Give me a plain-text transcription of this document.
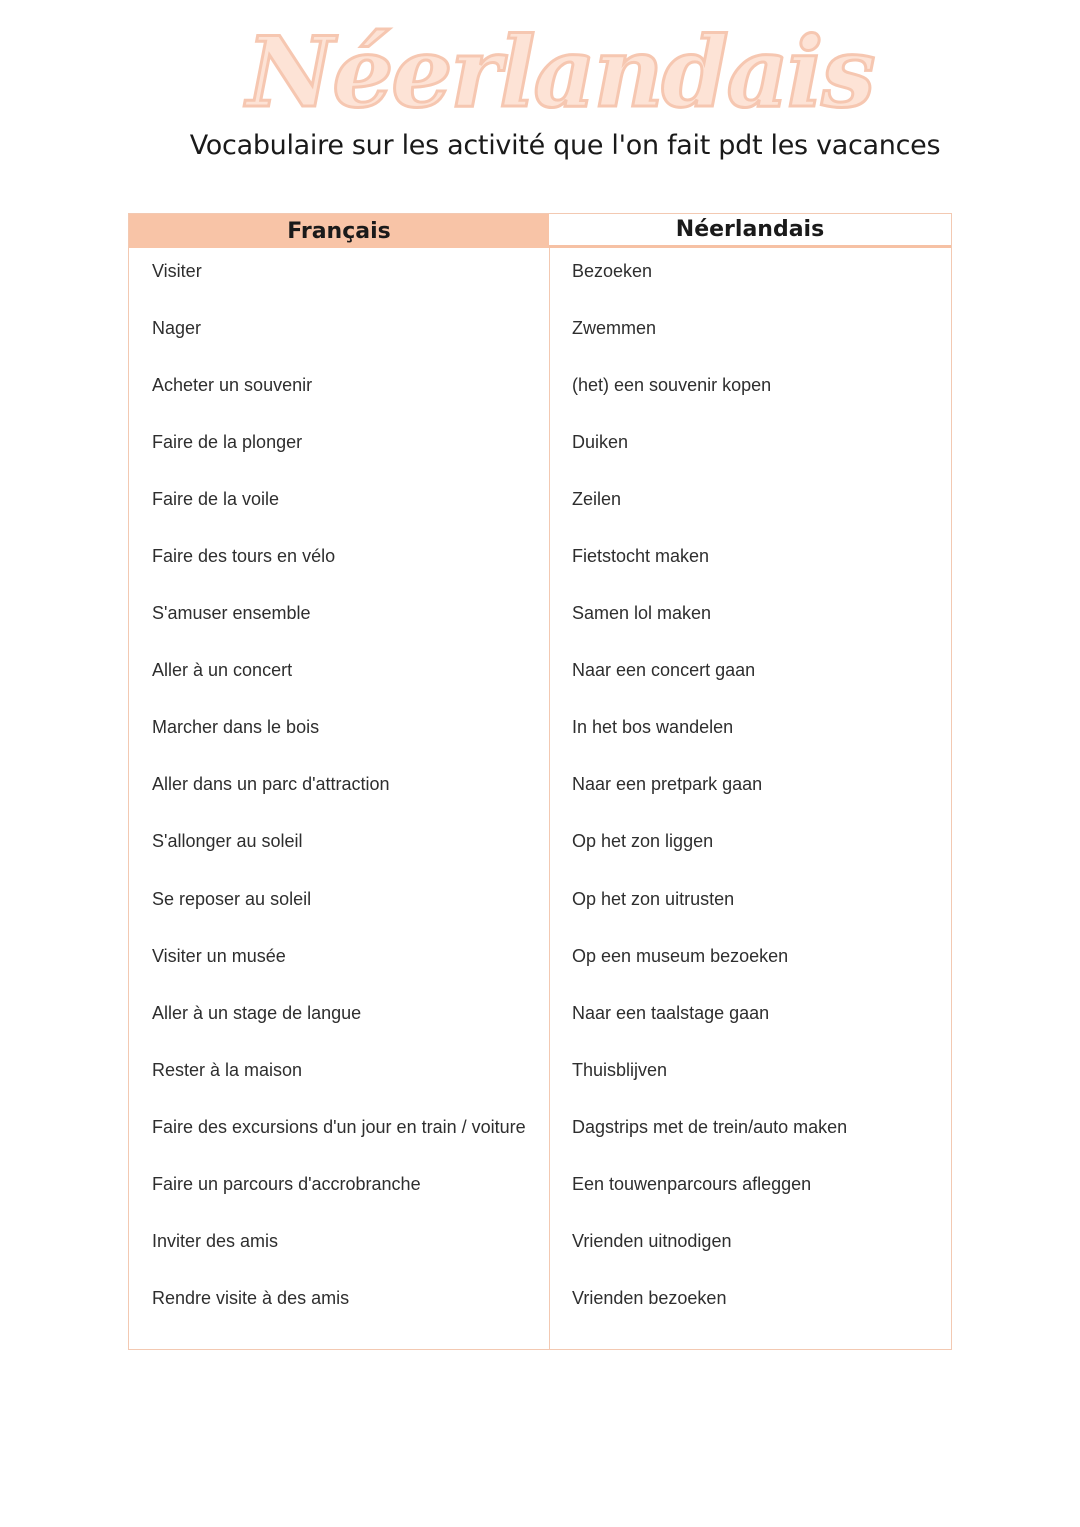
Néerlandais
Vocabulaire sur les activité que l'on fait pdt les vacances
Français	Néerlandais
Visiter	Bezoeken
Nager	Zwemmen
Acheter un souvenir	(het) een souvenir kopen
Faire de la plonger	Duiken
Faire de la voile	Zeilen
Faire des tours en vélo	Fietstocht maken
S'amuser ensemble	Samen lol maken
Aller à un concert	Naar een concert gaan
Marcher dans le bois	In het bos wandelen
Aller dans un parc d'attraction	Naar een pretpark gaan
S'allonger au soleil	Op het zon liggen
Se reposer au soleil	Op het zon uitrusten
Visiter un musée	Op een museum bezoeken
Aller à un stage de langue	Naar een taalstage gaan
Rester à la maison	Thuisblijven
Faire des excursions d'un jour en train / voiture	Dagstrips met de trein/auto maken
Faire un parcours d'accrobranche	Een touwenparcours afleggen
Inviter des amis	Vrienden uitnodigen
Rendre visite à des amis	Vrienden bezoeken
